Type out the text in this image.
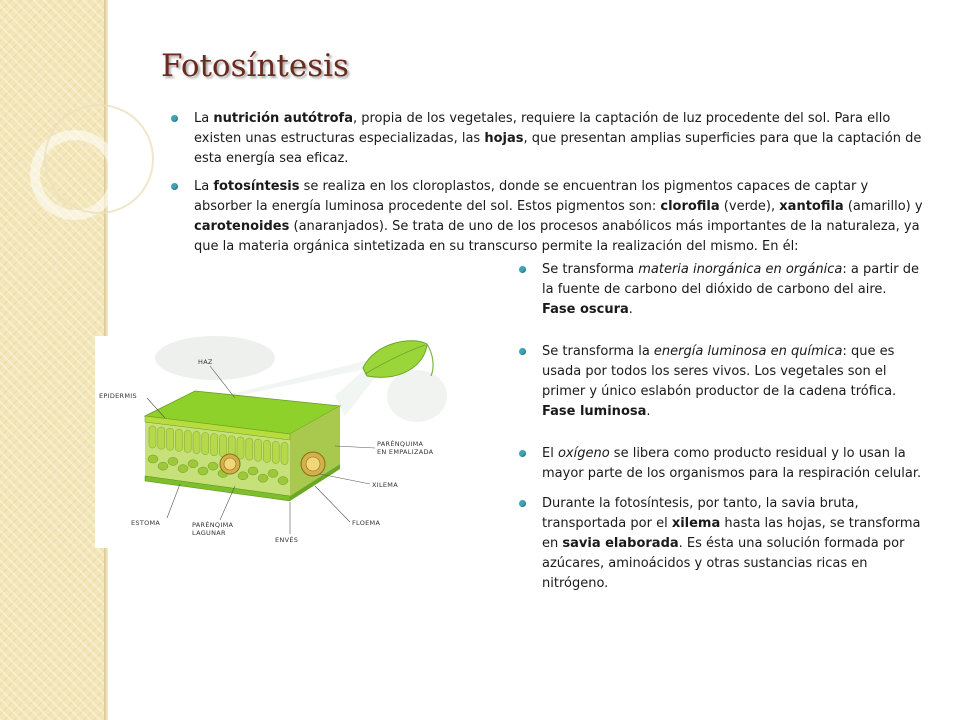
Fotosíntesis
La nutrición autótrofa, propia de los vegetales, requiere la captación de luz procedente del sol. Para ello existen unas estructuras especializadas, las hojas, que presentan amplias superficies para que la captación de esta energía sea eficaz.
La fotosíntesis se realiza en los cloroplastos, donde se encuentran los pigmentos capaces de captar y absorber la energía luminosa procedente del sol. Estos pigmentos son: clorofila (verde), xantofila (amarillo) y carotenoides (anaranjados). Se trata de uno de los procesos anabólicos más importantes de la naturaleza, ya que la materia orgánica sintetizada en su transcurso permite la realización del mismo. En él:
Se transforma materia inorgánica en orgánica: a partir de la fuente de carbono del dióxido de carbono del aire. Fase oscura.
Se transforma la energía luminosa en química: que es usada por todos los seres vivos. Los vegetales son el primer y único eslabón productor de la cadena trófica. Fase luminosa.
El oxígeno se libera como producto residual y lo usan la mayor parte de los organismos para la respiración celular.
Durante la fotosíntesis, por tanto, la savia bruta, transportada por el xilema hasta las hojas, se transforma en savia elaborada. Es ésta una solución formada por azúcares, aminoácidos y otras sustancias ricas en nitrógeno.
HAZ
EPIDERMIS
PARÉNQUIMA
EN EMPALIZADA
XILEMA
ESTOMA	PARÉNQIMA
LAGUNAR
ENVÉS
FLOEMA
